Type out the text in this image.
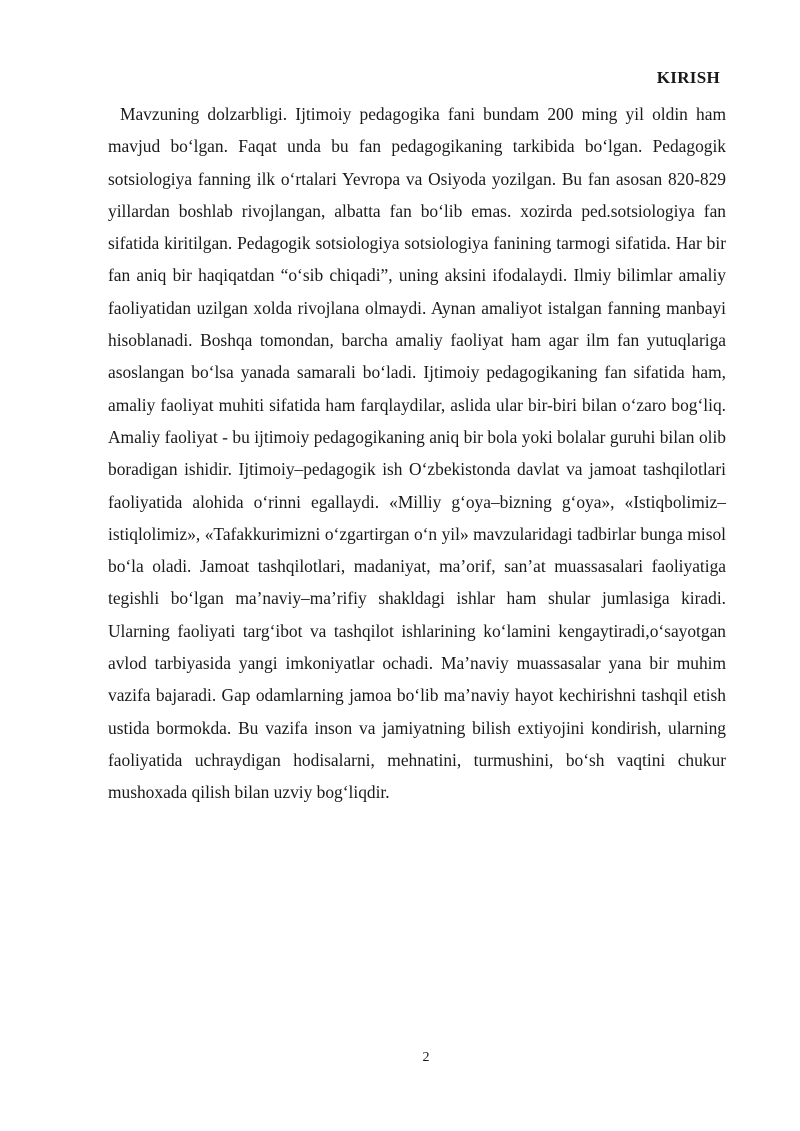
KIRISH

Mavzuning dolzarbligi. Ijtimoiy pedagogika fani bundam 200 ming yil oldin ham mavjud bo‘lgan. Faqat unda bu fan pedagogikaning tarkibida bo‘lgan. Pedagogik sotsiologiya fanning ilk o‘rtalari Yevropa va Osiyoda yozilgan. Bu fan asosan 820-829 yillardan boshlab rivojlangan, albatta fan bo‘lib emas. xozirda ped.sotsiologiya fan sifatida kiritilgan. Pedagogik sotsiologiya sotsiologiya fanining tarmogi sifatida. Har bir fan aniq bir haqiqatdan “o‘sib chiqadi”, uning aksini ifodalaydi. Ilmiy bilimlar amaliy faoliyatidan uzilgan xolda rivojlana olmaydi. Aynan amaliyot istalgan fanning manbayi hisoblanadi. Boshqa tomondan, barcha amaliy faoliyat ham agar ilm fan yutuqlariga asoslangan bo‘lsa yanada samarali bo‘ladi. Ijtimoiy pedagogikaning fan sifatida ham, amaliy faoliyat muhiti sifatida ham farqlaydilar, aslida ular bir-biri bilan o‘zaro bog‘liq. Amaliy faoliyat - bu ijtimoiy pedagogikaning aniq bir bola yoki bolalar guruhi bilan olib boradigan ishidir. Ijtimoiy–pedagogik ish O‘zbekistonda davlat va jamoat tashqilotlari faoliyatida alohida o‘rinni egallaydi. «Milliy g‘oya–bizning g‘oya», «Istiqbolimiz–istiqlolimiz», «Tafakkurimizni o‘zgartirgan o‘n yil» mavzularidagi tadbirlar bunga misol bo‘la oladi. Jamoat tashqilotlari, madaniyat, ma’orif, san’at muassasalari faoliyatiga tegishli bo‘lgan ma’naviy–ma’rifiy shakldagi ishlar ham shular jumlasiga kiradi. Ularning faoliyati targ‘ibot va tashqilot ishlarining ko‘lamini kengaytiradi,o‘sayotgan avlod tarbiyasida yangi imkoniyatlar ochadi. Ma’naviy muassasalar yana bir muhim vazifa bajaradi. Gap odamlarning jamoa bo‘lib ma’naviy hayot kechirishni tashqil etish ustida bormokda. Bu vazifa inson va jamiyatning bilish extiyojini kondirish, ularning faoliyatida uchraydigan hodisalarni, mehnatini, turmushini, bo‘sh vaqtini chukur mushoxada qilish bilan uzviy bog‘liqdir.

2
